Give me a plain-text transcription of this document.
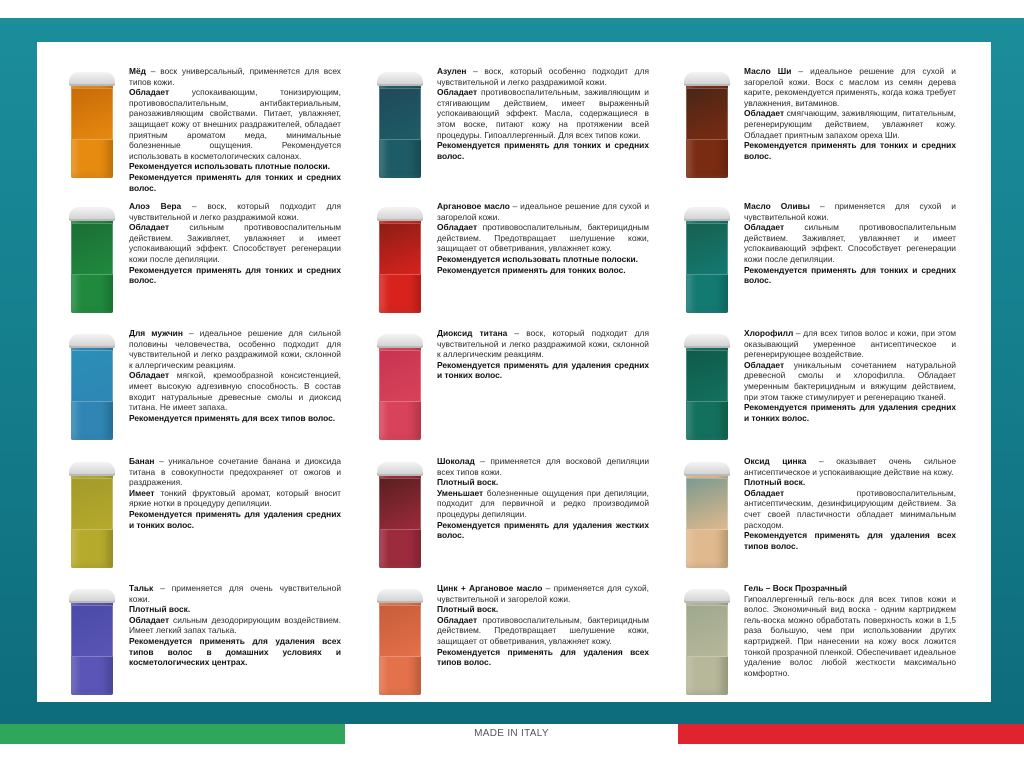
Мёд – воск универсальный, применяется для всех типов кожи.

Обладает успокаивающим, тонизирующим, противовоспалительным, антибактериальным, ранозаживляющим свойствами. Питает, увлажняет, защищает кожу от внешних раздражителей, обладает приятным ароматом меда, минимальные болезненные ощущения. Рекомендуется использовать в косметологических салонах.

Рекомендуется использовать плотные полоски.

Рекомендуется применять для тонких и средних волос.

Азулен – воск, который особенно подходит для чувствительной и легко раздражимой кожи.

Обладает противовоспалительным, заживляющим и стягивающим действием, имеет выраженный успокаивающий эффект. Масла, содержащиеся в этом воске, питают кожу на протяжении всей процедуры. Гипоаллергенный. Для всех типов кожи.

Рекомендуется применять для тонких и средних волос.

Масло Ши – идеальное решение для сухой и загорелой кожи. Воск с маслом из семян дерева карите, рекомендуется применять, когда кожа требует увлажнения, витаминов.

Обладает смягчающим, заживляющим, питательным, регенерирующим действием, увлажняет кожу. Обладает приятным запахом ореха Ши.

Рекомендуется применять для тонких и средних волос.

Алоэ Вера – воск, который подходит для чувствительной и легко раздражимой кожи.

Обладает сильным противовоспалительным действием. Заживляет, увлажняет и имеет успокаивающий эффект. Способствует регенерации кожи после депиляции.

Рекомендуется применять для тонких и средних волос.

Аргановое масло – идеальное решение для сухой и загорелой кожи.

Обладает противовоспалительным, бактерицидным действием. Предотвращает шелушение кожи, защищает от обветривания, увлажняет кожу.

Рекомендуется использовать плотные полоски.

Рекомендуется применять для тонких волос.

Масло Оливы – применяется для сухой и чувствительной кожи.

Обладает сильным противовоспалительным действием. Заживляет, увлажняет и имеет успокаивающий эффект. Способствует регенерации кожи после депиляции.

Рекомендуется применять для тонких и средних волос.

Для мужчин – идеальное решение для сильной половины человечества, особенно подходит для чувствительной и легко раздражимой кожи, склонной к аллергическим реакциям.

Обладает мягкой, кремообразной консистенцией, имеет высокую адгезивную способность. В состав входит натуральные древесные смолы и диоксид титана. Не имеет запаха.

Рекомендуется применять для всех типов волос.

Диоксид титана – воск, который подходит для чувствительной и легко раздражимой кожи, склонной к аллергическим реакциям.

Рекомендуется применять для удаления средних и тонких волос.

Хлорофилл – для всех типов волос и кожи, при этом оказывающий умеренное антисептическое и регенерирующее воздействие.

Обладает уникальным сочетанием натуральной древесной смолы и хлорофилла. Обладает умеренным бактерицидным и вяжущим действием, при этом также стимулирует и регенерацию тканей.

Рекомендуется применять для удаления средних и тонких волос.

Банан – уникальное сочетание банана и диоксида титана в совокупности предохраняет от ожогов и раздражения.

Имеет тонкий фруктовый аромат, который вносит яркие нотки в процедуру депиляции.

Рекомендуется применять для удаления средних и тонких волос.

Шоколад – применяется для восковой депиляции всех типов кожи.

Плотный воск.

Уменьшает болезненные ощущения при депиляции, подходит для первичной и редко производимой процедуры депиляции.

Рекомендуется применять для удаления жестких волос.

Оксид цинка – оказывает очень сильное антисептическое и успокаивающие действие на кожу.

Плотный воск.

Обладает противовоспалительным, антисептическим, дезинфицирующим действием. За счет своей пластичности обладает минимальным расходом.

Рекомендуется применять для удаления всех типов волос.

Тальк – применяется для очень чувствительной кожи.

Плотный воск.

Обладает сильным дезодорирующим воздействием. Имеет легкий запах талька.

Рекомендуется применять для удаления всех типов волос в домашних условиях и косметологических центрах.

Цинк + Аргановое масло – применяется для сухой, чувствительной и загорелой кожи.

Плотный воск.

Обладает противовоспалительным, бактерицидным действием. Предотвращает шелушение кожи, защищает от обветривания, увлажняет кожу.

Рекомендуется применять для удаления всех типов волос.

Гель – Воск Прозрачный

Гипоаллергенный гель-воск для всех типов кожи и волос. Экономичный вид воска - одним картриджем гель-воска можно обработать поверхность кожи в 1,5 раза большую, чем при использовании других картриджей. При нанесении на кожу воск ложится тонкой прозрачной пленкой. Обеспечивает идеальное удаление волос любой жесткости максимально комфортно.

MADE IN ITALY
